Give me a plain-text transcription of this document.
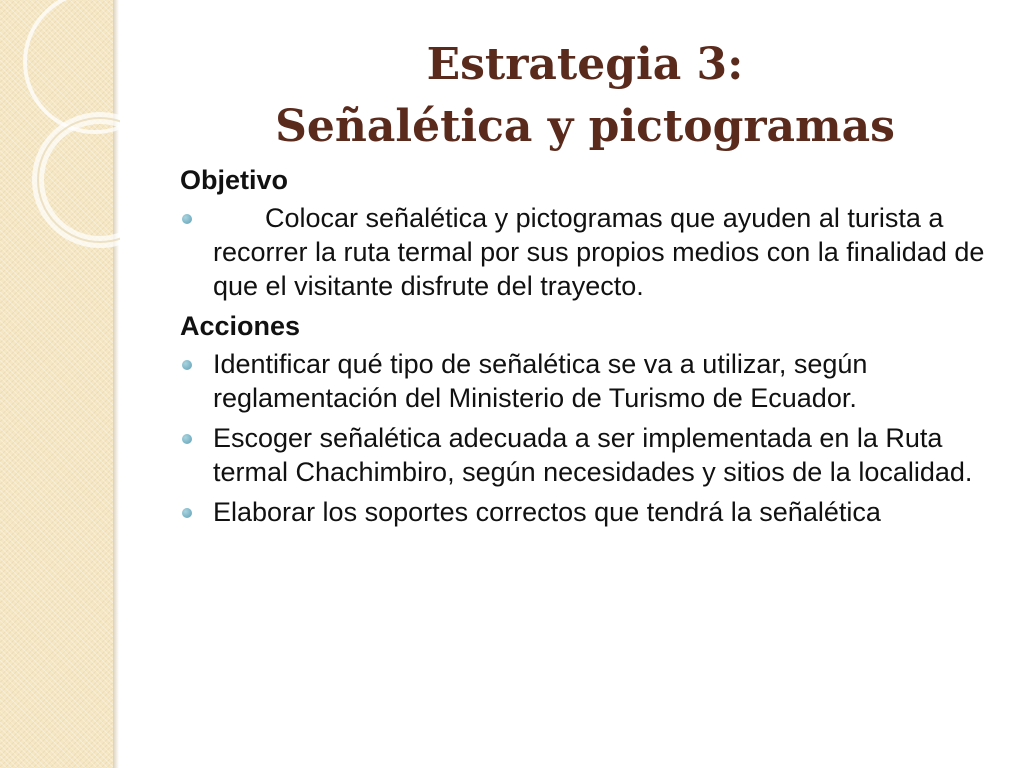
Estrategia 3:
Señalética y pictogramas

Objetivo

Colocar señalética y pictogramas que ayuden al turista a recorrer la ruta termal por sus propios medios con la finalidad de que el visitante disfrute del trayecto.

Acciones

Identificar qué tipo de señalética se va a utilizar, según reglamentación del Ministerio de Turismo de Ecuador.
Escoger señalética adecuada a ser implementada en la Ruta termal Chachimbiro, según necesidades y sitios de la localidad.
Elaborar los soportes correctos que tendrá la señalética
